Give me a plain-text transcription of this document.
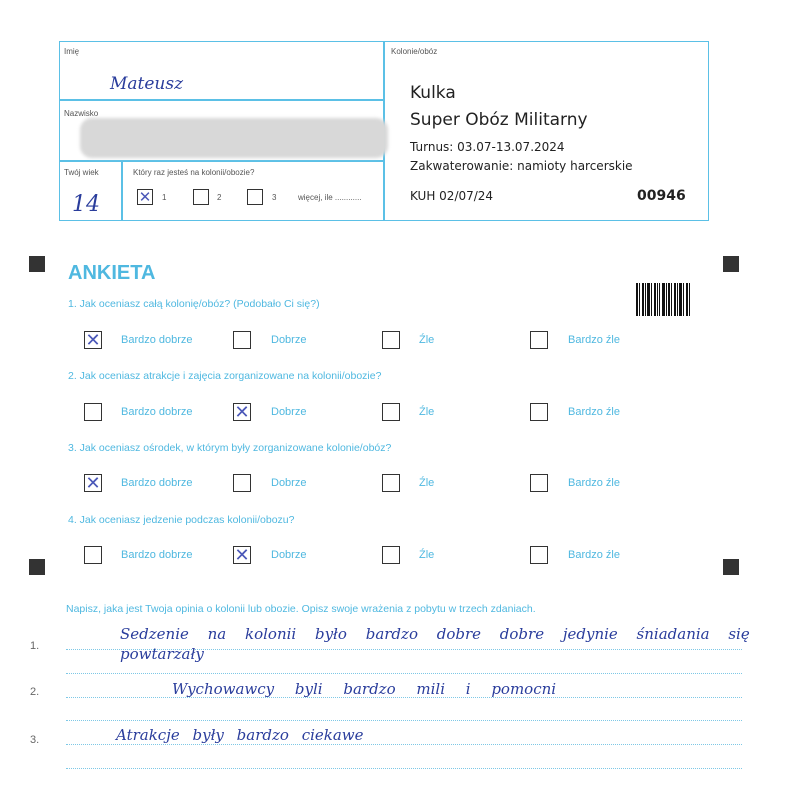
Imię
Mateusz
Nazwisko
Twój wiek
14
Który raz jesteś na kolonii/obozie?
✕ 1	2	3	więcej, ile ............
Kolonie/obóz
Kulka
Super Obóz Militarny
Turnus: 03.07-13.07.2024
Zakwaterowanie: namioty harcerskie
KUH 02/07/24	00946
ANKIETA
1. Jak oceniasz całą kolonię/obóz? (Podobało Ci się?)
✕ Bardzo dobrze	Dobrze	Źle	Bardzo źle
2. Jak oceniasz atrakcje i zajęcia zorganizowane na kolonii/obozie?
Bardzo dobrze ✕ Dobrze	Źle	Bardzo źle
3. Jak oceniasz ośrodek, w którym były zorganizowane kolonie/obóz?
✕ Bardzo dobrze	Dobrze	Źle	Bardzo źle
4. Jak oceniasz jedzenie podczas kolonii/obozu?
Bardzo dobrze ✕ Dobrze	Źle	Bardzo źle
Napisz, jaka jest Twoja opinia o kolonii lub obozie. Opisz swoje wrażenia z pobytu w trzech zdaniach.
1.
2.
3.
Sedzenie na kolonii było bardzo dobre dobre jedynie śniadania się powtarzały
Wychowawcy byli bardzo mili i pomocni
Atrakcje były bardzo ciekawe
